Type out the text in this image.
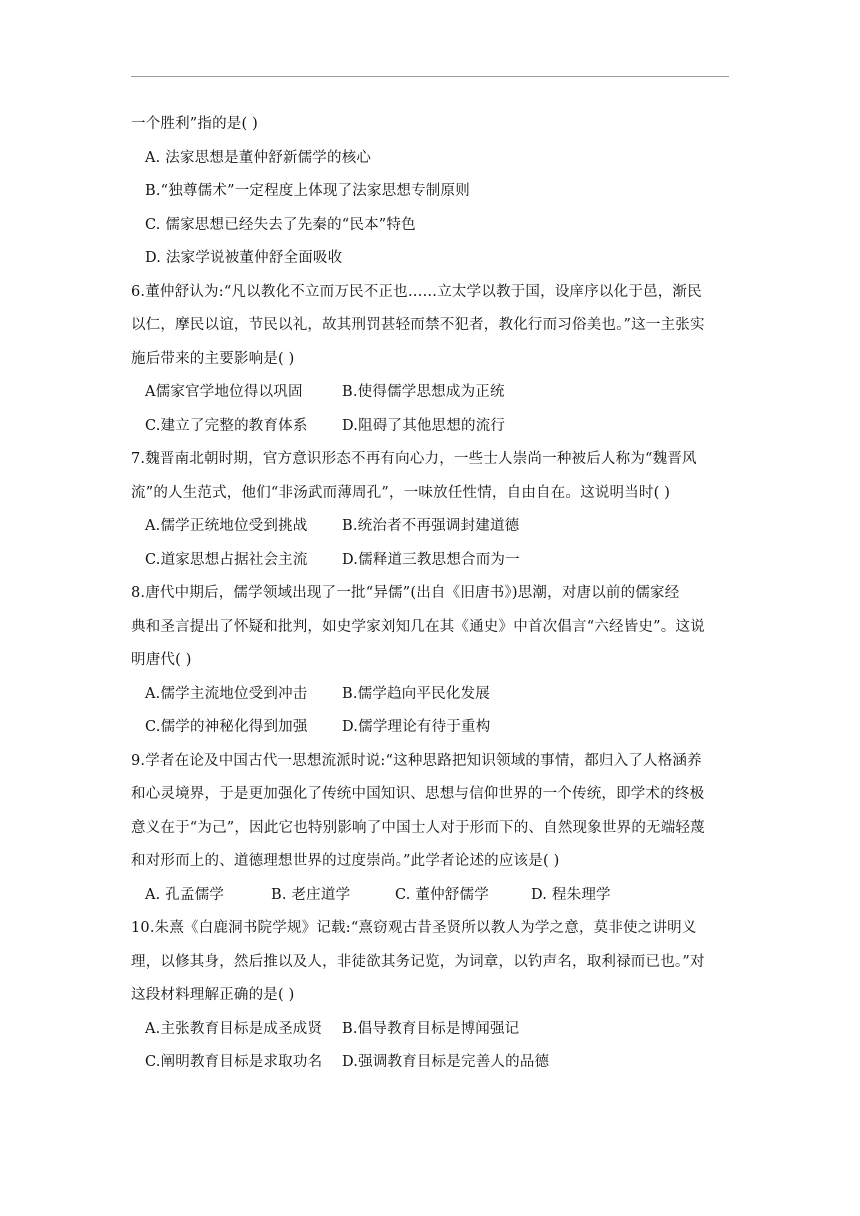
一个胜利”指的是( )
A. 法家思想是董仲舒新儒学的核心
B.“独尊儒术”一定程度上体现了法家思想专制原则
C. 儒家思想已经失去了先秦的“民本”特色
D. 法家学说被董仲舒全面吸收
6.董仲舒认为:“凡以教化不立而万民不正也……立太学以教于国，设庠序以化于邑，渐民
以仁，摩民以谊，节民以礼，故其刑罚甚轻而禁不犯者，教化行而习俗美也。”这一主张实
施后带来的主要影响是( )
A儒家官学地位得以巩固	B.使得儒学思想成为正统
C.建立了完整的教育体系	D.阻碍了其他思想的流行
7.魏晋南北朝时期，官方意识形态不再有向心力，一些士人崇尚一种被后人称为“魏晋风
流”的人生范式，他们“非汤武而薄周孔”，一味放任性情，自由自在。这说明当时( )
A.儒学正统地位受到挑战	B.统治者不再强调封建道德
C.道家思想占据社会主流	D.儒释道三教思想合而为一
8.唐代中期后，儒学领域出现了一批“异儒”(出自《旧唐书》)思潮，对唐以前的儒家经
典和圣言提出了怀疑和批判，如史学家刘知几在其《通史》中首次倡言“六经皆史”。这说
明唐代( )
A.儒学主流地位受到冲击	B.儒学趋向平民化发展
C.儒学的神秘化得到加强	D.儒学理论有待于重构
9.学者在论及中国古代一思想流派时说:“这种思路把知识领域的事情，都归入了人格涵养
和心灵境界，于是更加强化了传统中国知识、思想与信仰世界的一个传统，即学术的终极
意义在于“为己”，因此它也特别影响了中国士人对于形而下的、自然现象世界的无端轻蔑
和对形而上的、道德理想世界的过度崇尚。”此学者论述的应该是( )
A. 孔孟儒学	B. 老庄道学	C. 董仲舒儒学	D. 程朱理学
10.朱熹《白鹿洞书院学规》记载:“熹窃观古昔圣贤所以教人为学之意，莫非使之讲明义
理，以修其身，然后推以及人，非徒欲其务记览，为词章，以钓声名，取利禄而已也。”对
这段材料理解正确的是( )
A.主张教育目标是成圣成贤	B.倡导教育目标是博闻强记
C.阐明教育目标是求取功名	D.强调教育目标是完善人的品德
